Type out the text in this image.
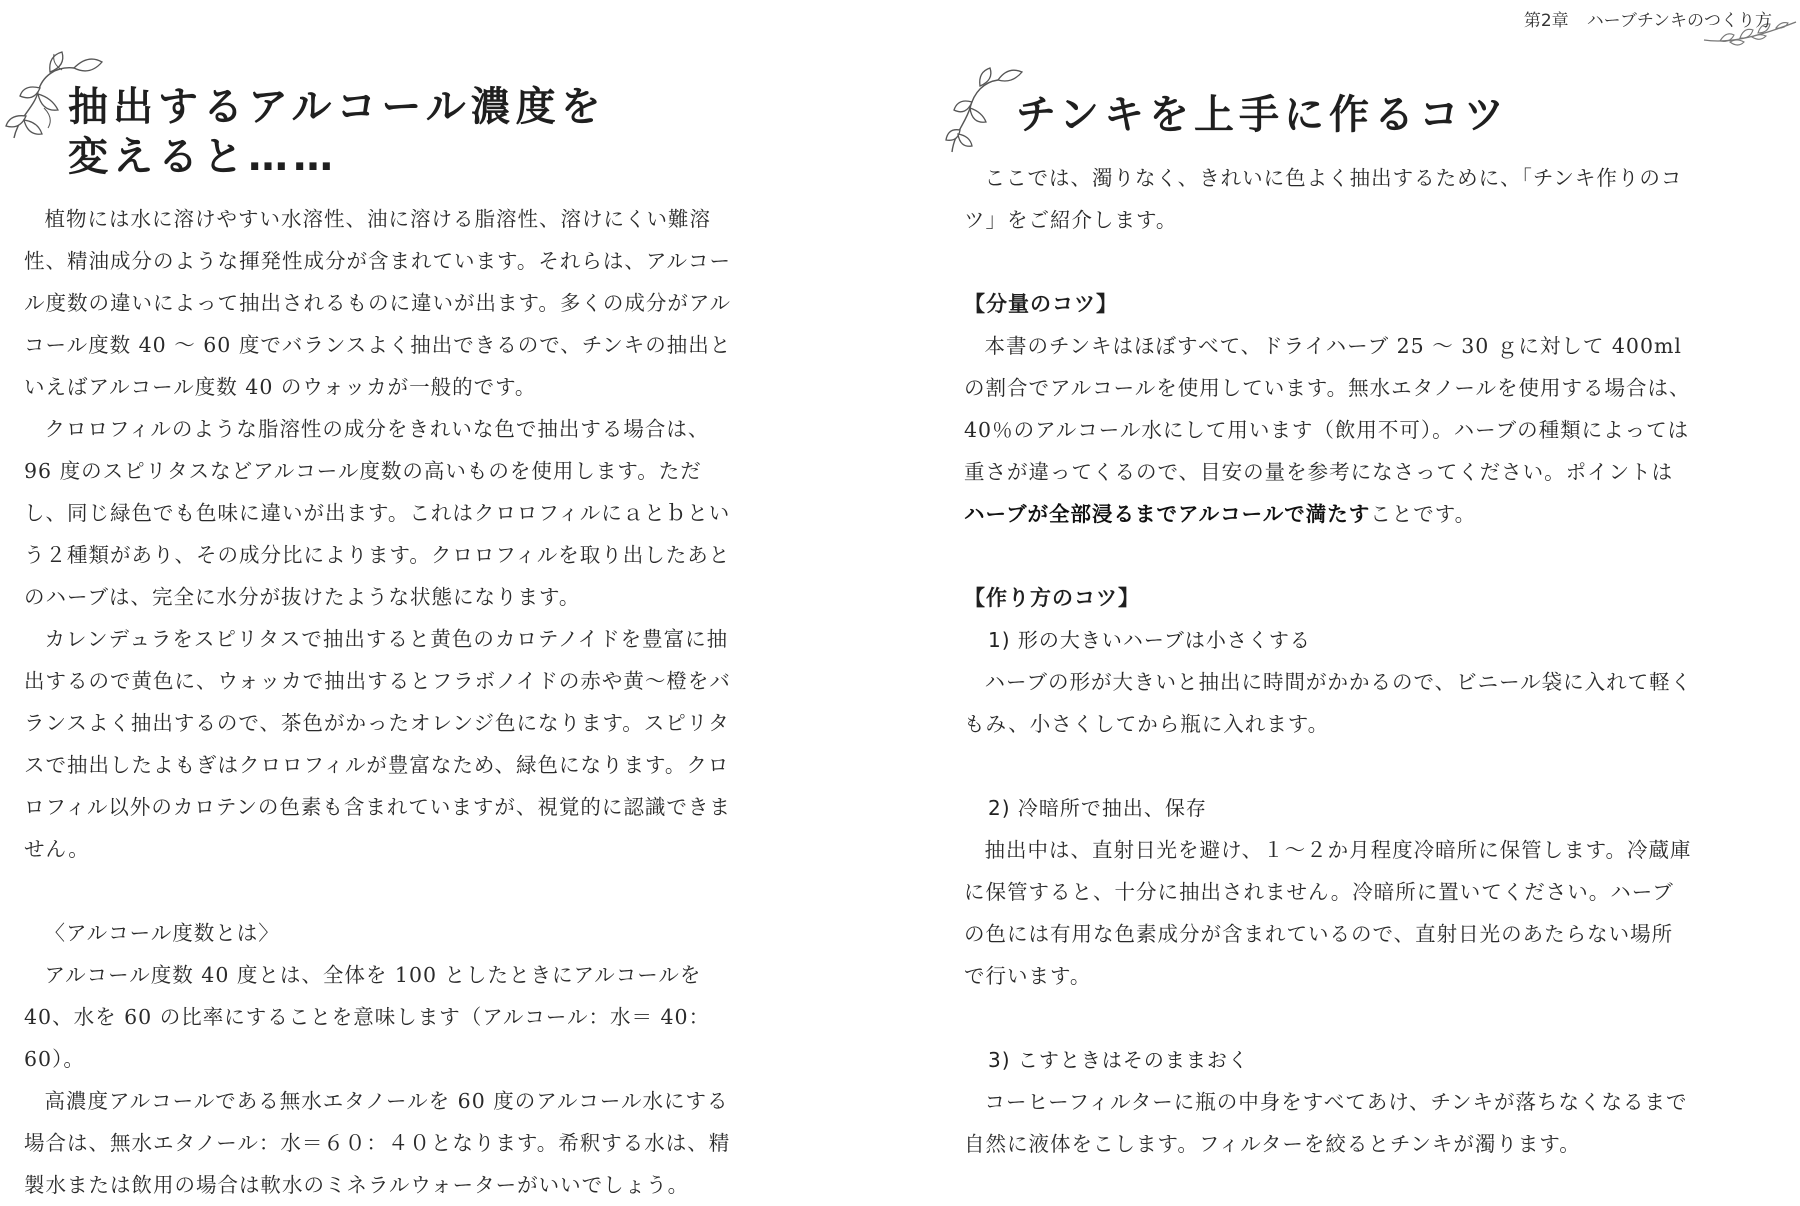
第2章 ハーブチンキのつくり方
抽出するアルコール濃度を
変えると……

植物には水に溶けやすい水溶性、油に溶ける脂溶性、溶けにくい難溶性、精油成分のような揮発性成分が含まれています。それらは、アルコール度数の違いによって抽出されるものに違いが出ます。多くの成分がアルコール度数 40 ～ 60 度でバランスよく抽出できるので、チンキの抽出といえばアルコール度数 40 のウォッカが一般的です。

クロロフィルのような脂溶性の成分をきれいな色で抽出する場合は、96 度のスピリタスなどアルコール度数の高いものを使用します。ただし、同じ緑色でも色味に違いが出ます。これはクロロフィルにａとｂという２種類があり、その成分比によります。クロロフィルを取り出したあとのハーブは、完全に水分が抜けたような状態になります。

カレンデュラをスピリタスで抽出すると黄色のカロテノイドを豊富に抽出するので黄色に、ウォッカで抽出するとフラボノイドの赤や黄～橙をバランスよく抽出するので、茶色がかったオレンジ色になります。スピリタスで抽出したよもぎはクロロフィルが豊富なため、緑色になります。クロロフィル以外のカロテンの色素も含まれていますが、視覚的に認識できません。

〈アルコール度数とは〉

アルコール度数 40 度とは、全体を 100 としたときにアルコールを 40、水を 60 の比率にすることを意味します（アルコール：水＝ 40：60）。

高濃度アルコールである無水エタノールを 60 度のアルコール水にする場合は、無水エタノール：水＝６０：４０となります。希釈する水は、精製水または飲用の場合は軟水のミネラルウォーターがいいでしょう。

チンキを上手に作るコツ

ここでは、濁りなく、きれいに色よく抽出するために、「チンキ作りのコツ」をご紹介します。

【分量のコツ】

本書のチンキはほぼすべて、ドライハーブ 25 ～ 30 ｇに対して 400ml の割合でアルコールを使用しています。無水エタノールを使用する場合は、40％のアルコール水にして用います（飲用不可）。ハーブの種類によっては重さが違ってくるので、目安の量を参考になさってください。ポイントはハーブが全部浸るまでアルコールで満たすことです。

【作り方のコツ】

1) 形の大きいハーブは小さくする

ハーブの形が大きいと抽出に時間がかかるので、ビニール袋に入れて軽くもみ、小さくしてから瓶に入れます。

2) 冷暗所で抽出、保存

抽出中は、直射日光を避け、１～２か月程度冷暗所に保管します。冷蔵庫に保管すると、十分に抽出されません。冷暗所に置いてください。ハーブの色には有用な色素成分が含まれているので、直射日光のあたらない場所で行います。

3) こすときはそのままおく

コーヒーフィルターに瓶の中身をすべてあけ、チンキが落ちなくなるまで自然に液体をこします。フィルターを絞るとチンキが濁ります。
